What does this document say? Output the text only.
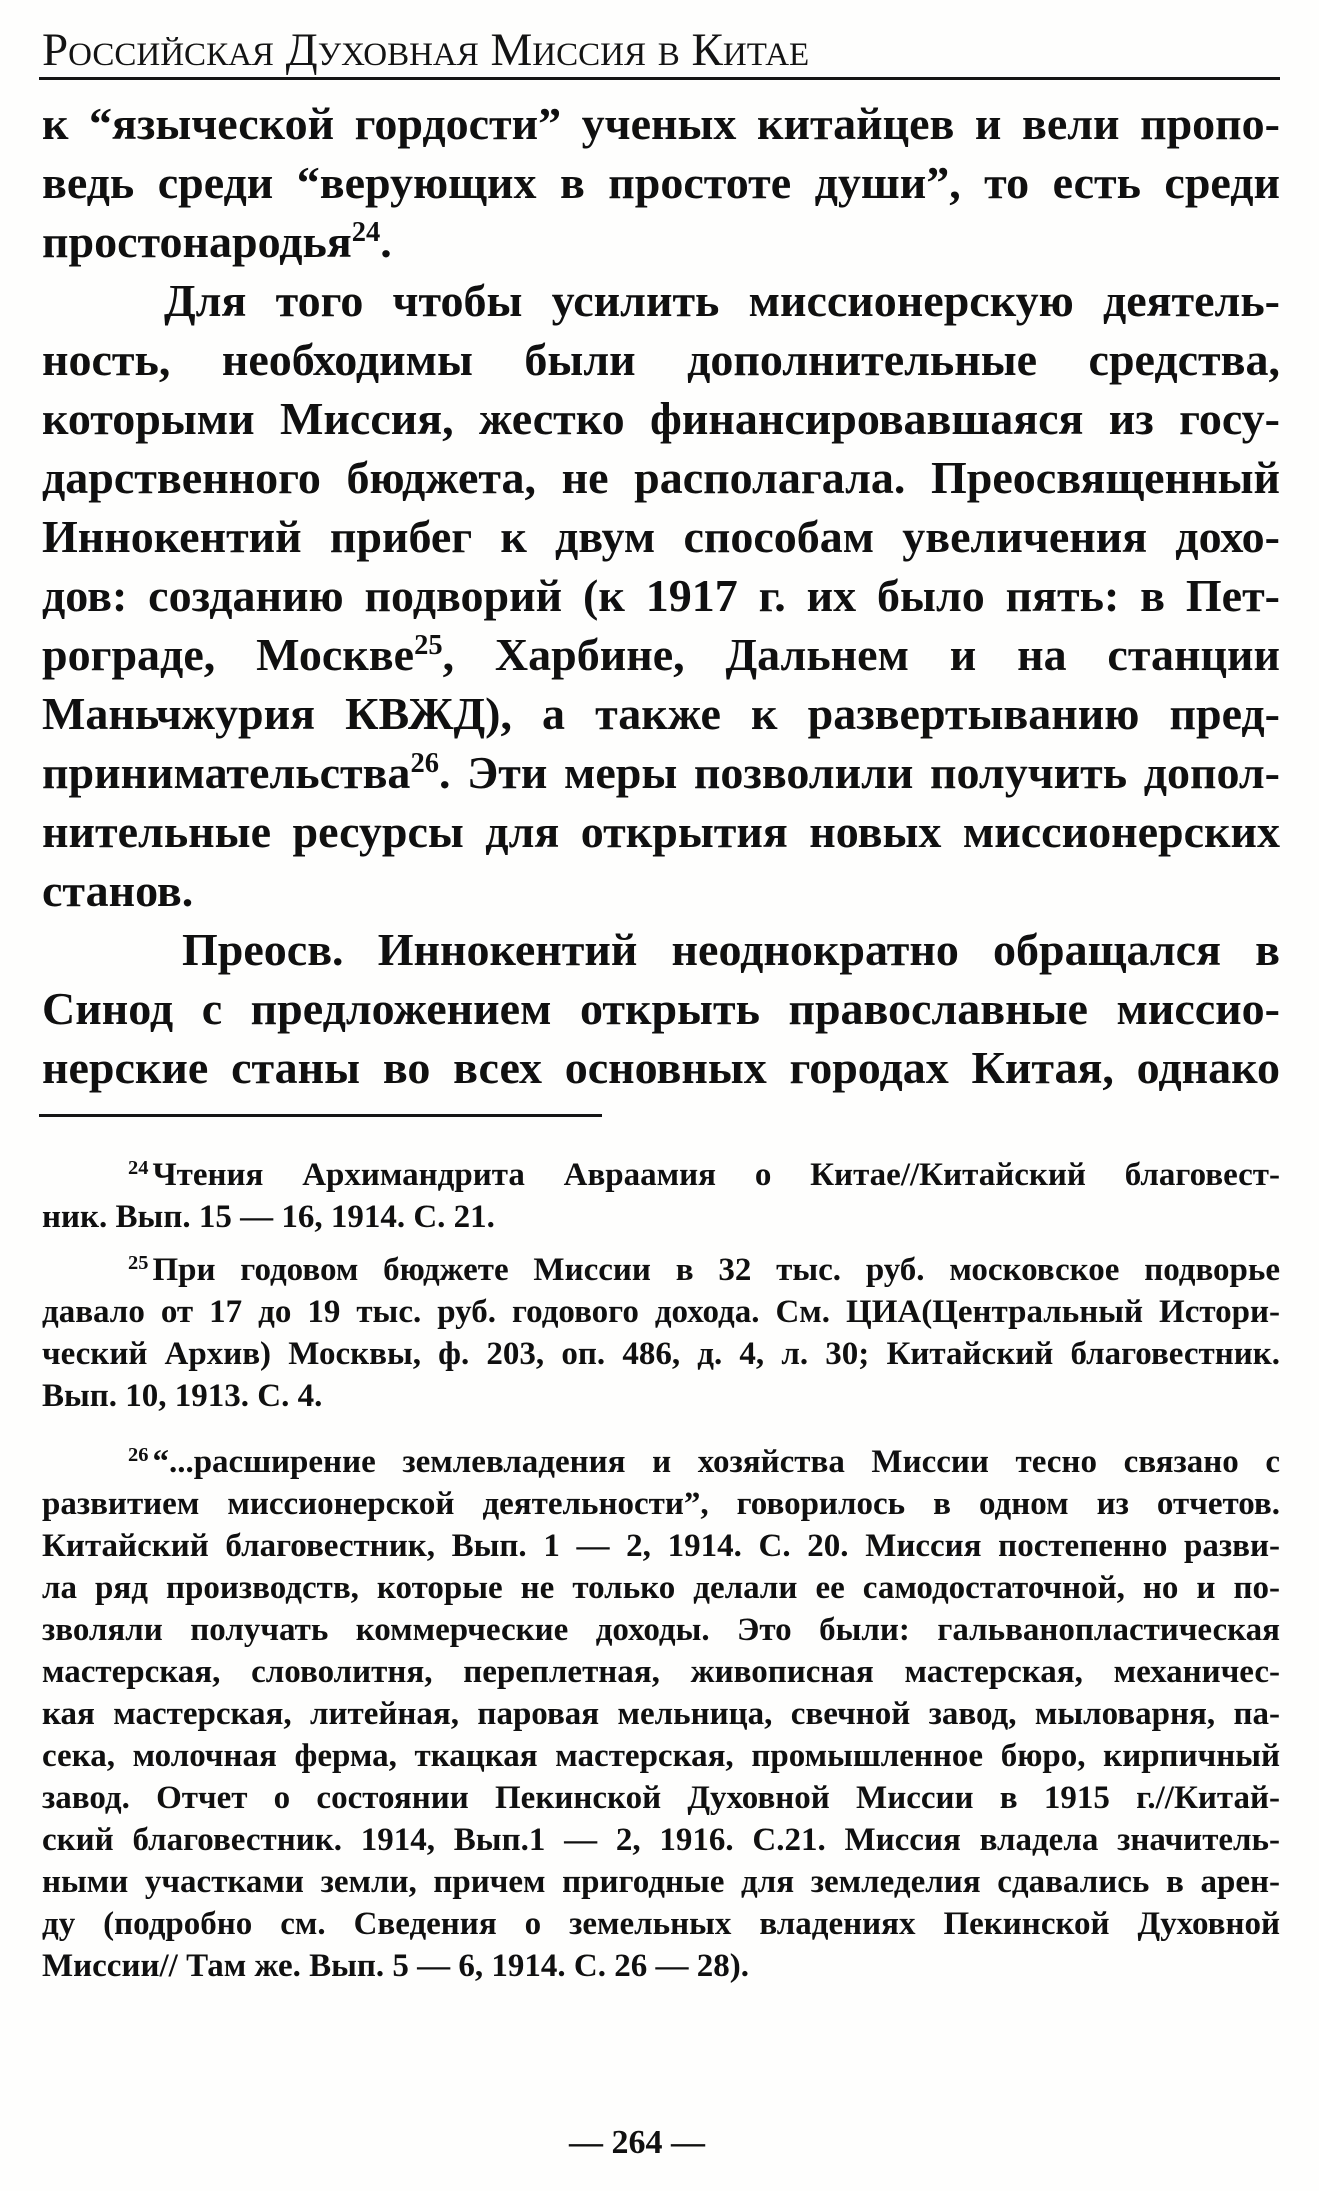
Российская Духовная Миссия в Китае
к “языческой гордости” ученых китайцев и вели пропо-
ведь среди “верующих в простоте души”, то есть среди
простонародья$^{24}$.
Для того чтобы усилить миссионерскую деятель-
ность, необходимы были дополнительные средства,
которыми Миссия, жестко финансировавшаяся из госу-
дарственного бюджета, не располагала. Преосвященный
Иннокентий прибег к двум способам увеличения дохо-
дов: созданию подворий (к 1917 г. их было пять: в Пет-
рограде, Москве$^{25}$, Харбине, Дальнем и на станции
Маньчжурия КВЖД), а также к развертыванию пред-
принимательства$^{26}$. Эти меры позволили получить допол-
нительные ресурсы для открытия новых миссионерских
станов.
Преосв. Иннокентий неоднократно обращался в
Синод с предложением открыть православные миссио-
нерские станы во всех основных городах Китая, однако
$^{24}$ Чтения Архимандрита Авраамия о Китае//Китайский благовест-
ник. Вып. 15 — 16, 1914. С. 21.
$^{25}$ При годовом бюджете Миссии в 32 тыс. руб. московское подворье
давало от 17 до 19 тыс. руб. годового дохода. См. ЦИА(Центральный Истори-
ческий Архив) Москвы, ф. 203, оп. 486, д. 4, л. 30; Китайский благовестник.
Вып. 10, 1913. С. 4.
$^{26}$ “...расширение землевладения и хозяйства Миссии тесно связано с
развитием миссионерской деятельности”, говорилось в одном из отчетов.
Китайский благовестник, Вып. 1 — 2, 1914. С. 20. Миссия постепенно разви-
ла ряд производств, которые не только делали ее самодостаточной, но и по-
зволяли получать коммерческие доходы. Это были: гальванопластическая
мастерская, словолитня, переплетная, живописная мастерская, механичес-
кая мастерская, литейная, паровая мельница, свечной завод, мыловарня, па-
сека, молочная ферма, ткацкая мастерская, промышленное бюро, кирпичный
завод. Отчет о состоянии Пекинской Духовной Миссии в 1915 г.//Китай-
ский благовестник. 1914, Вып.1 — 2, 1916. С.21. Миссия владела значитель-
ными участками земли, причем пригодные для земледелия сдавались в арен-
ду (подробно см. Сведения о земельных владениях Пекинской Духовной
Миссии// Там же. Вып. 5 — 6, 1914. С. 26 — 28).
— 264 —
